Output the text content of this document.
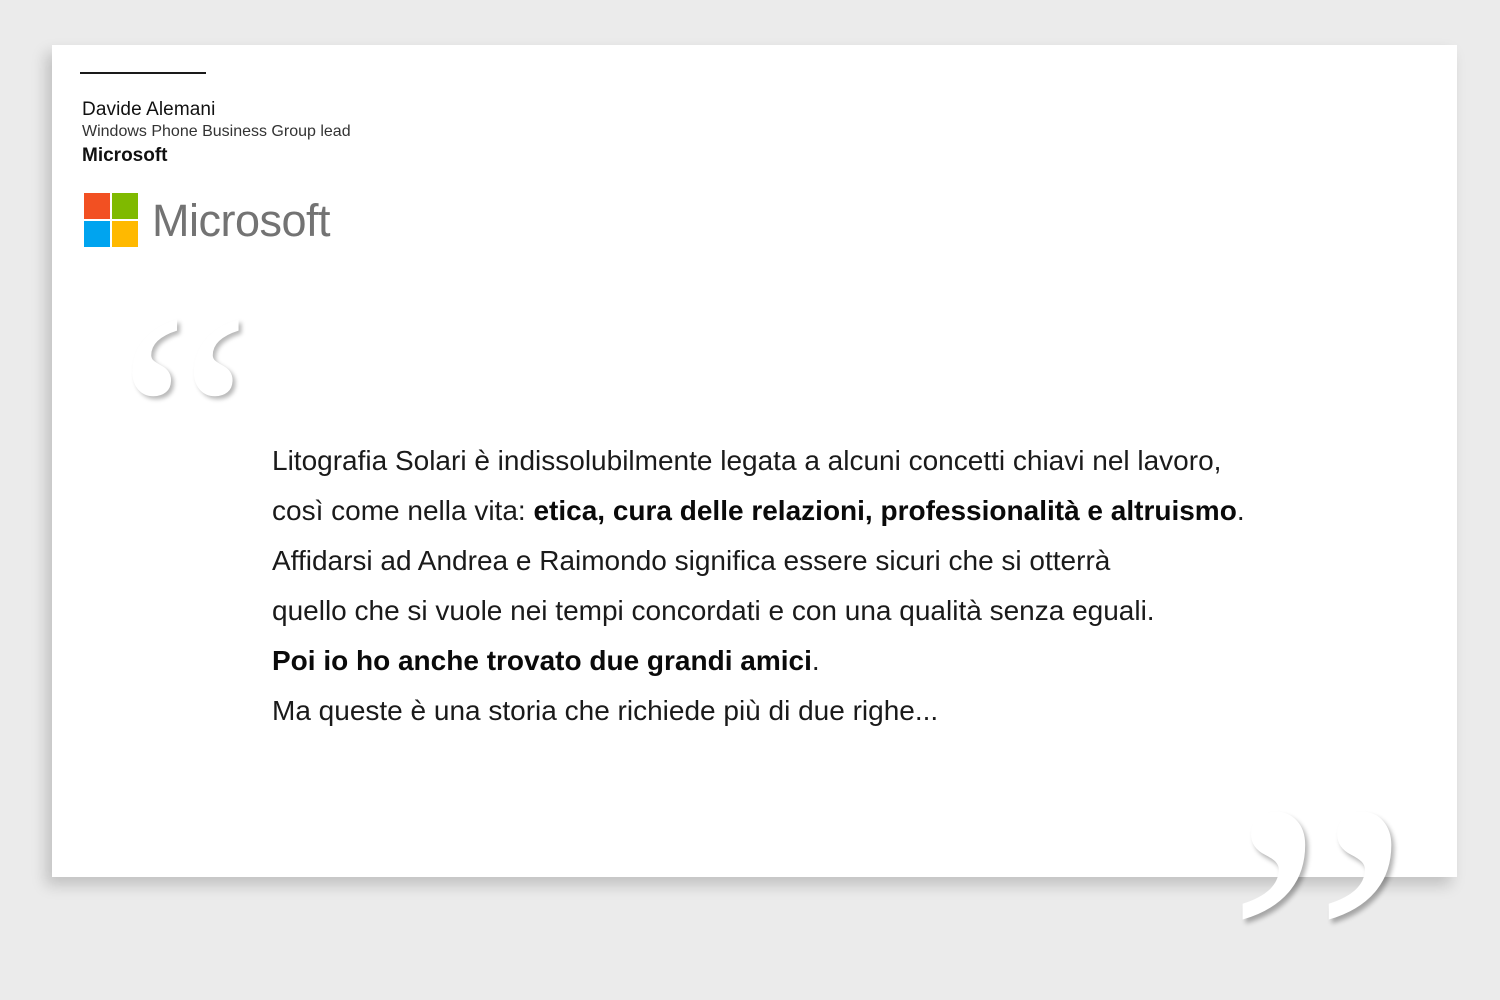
Davide Alemani
Windows Phone Business Group lead
Microsoft
Microsoft
“ Litografia Solari è indissolubilmente legata a alcuni concetti chiavi nel lavoro,
così come nella vita: etica, cura delle relazioni, professionalità e altruismo.
Affidarsi ad Andrea e Raimondo significa essere sicuri che si otterrà
quello che si vuole nei tempi concordati e con una qualità senza eguali.
Poi io ho anche trovato due grandi amici.
Ma queste è una storia che richiede più di due righe...
”
